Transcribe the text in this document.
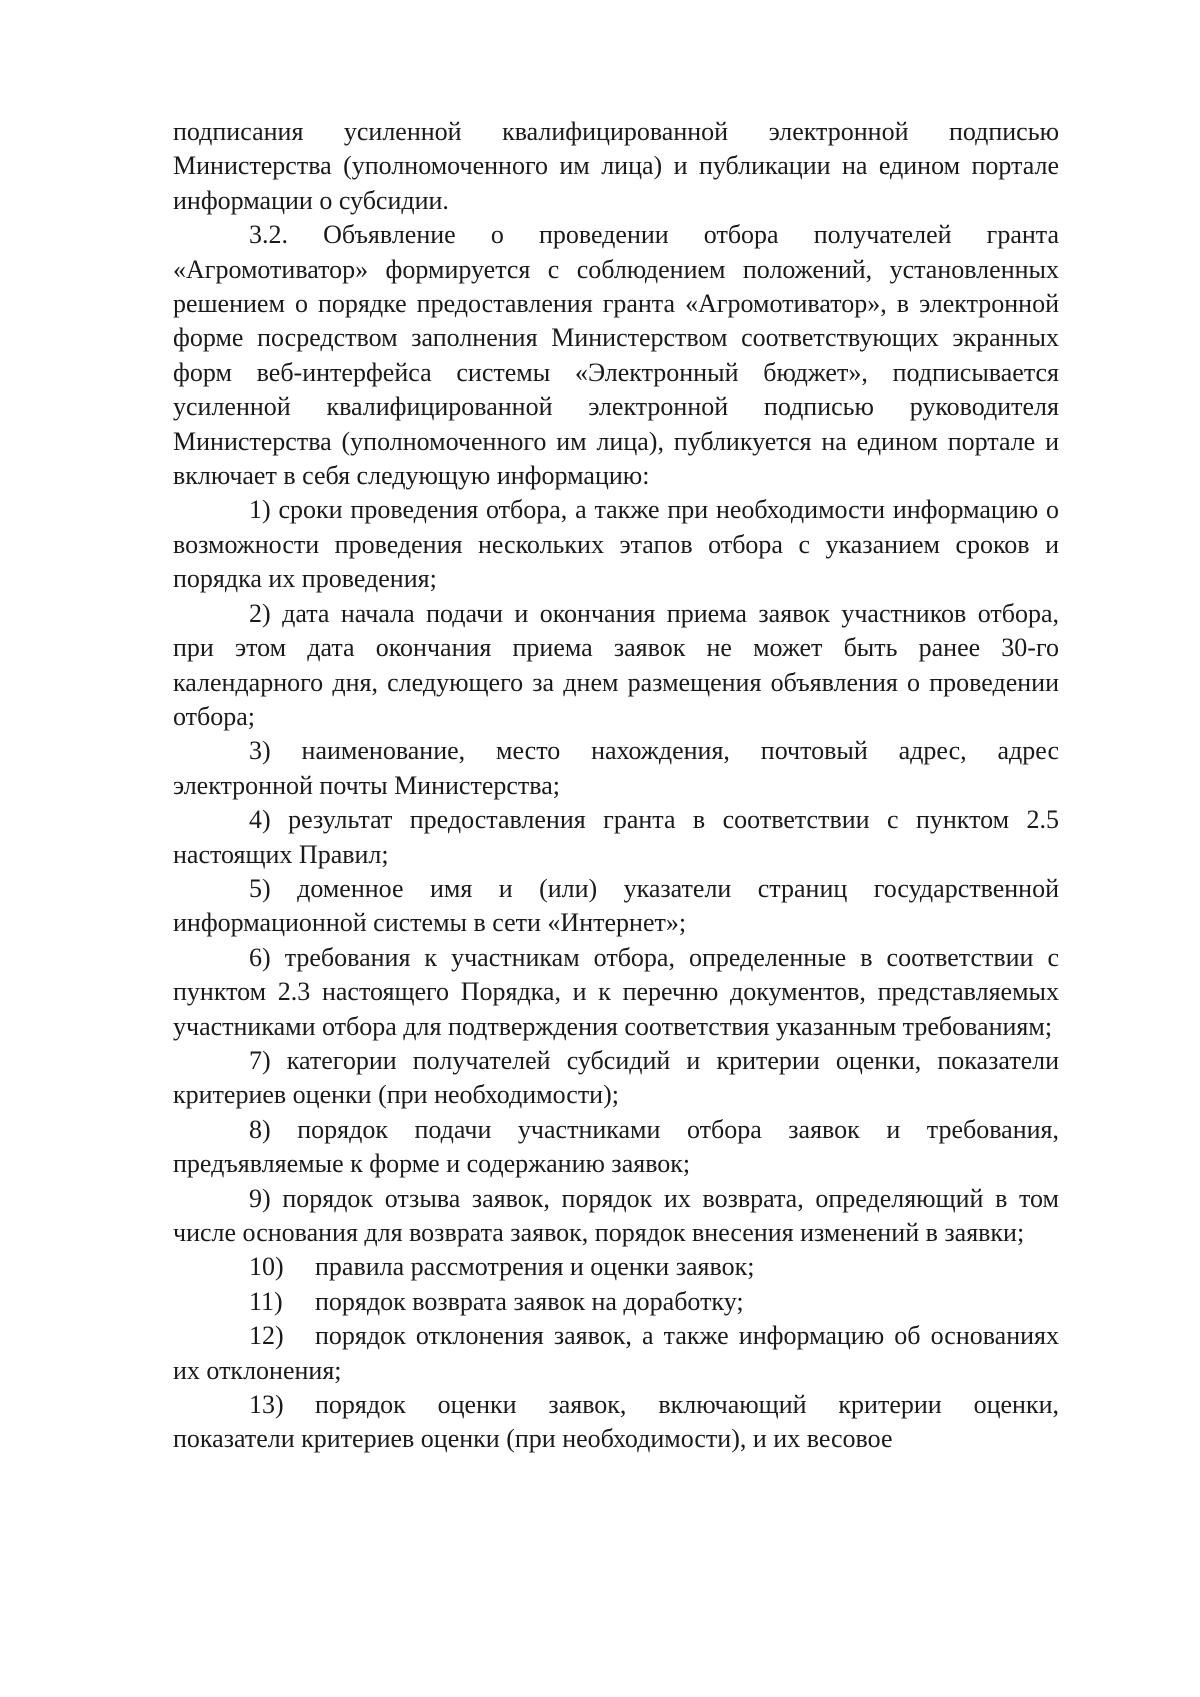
подписания усиленной квалифицированной электронной подписью Министерства (уполномоченного им лица) и публикации на едином портале информации о субсидии.

3.2. Объявление о проведении отбора получателей гранта «Агромотиватор» формируется с соблюдением положений, установленных решением о порядке предоставления гранта «Агромотиватор», в электронной форме посредством заполнения Министерством соответствующих экранных форм веб-интерфейса системы «Электронный бюджет», подписывается усиленной квалифицированной электронной подписью руководителя Министерства (уполномоченного им лица), публикуется на едином портале и включает в себя следующую информацию:

1) сроки проведения отбора, а также при необходимости информацию о возможности проведения нескольких этапов отбора с указанием сроков и порядка их проведения;

2) дата начала подачи и окончания приема заявок участников отбора, при этом дата окончания приема заявок не может быть ранее 30-го календарного дня, следующего за днем размещения объявления о проведении отбора;

3) наименование, место нахождения, почтовый адрес, адрес электронной почты Министерства;

4) результат предоставления гранта в соответствии с пунктом 2.5 настоящих Правил;

5) доменное имя и (или) указатели страниц государственной информационной системы в сети «Интернет»;

6) требования к участникам отбора, определенные в соответствии с пунктом 2.3 настоящего Порядка, и к перечню документов, представляемых участниками отбора для подтверждения соответствия указанным требованиям;

7) категории получателей субсидий и критерии оценки, показатели критериев оценки (при необходимости);

8) порядок подачи участниками отбора заявок и требования, предъявляемые к форме и содержанию заявок;

9) порядок отзыва заявок, порядок их возврата, определяющий в том числе основания для возврата заявок, порядок внесения изменений в заявки;

10) правила рассмотрения и оценки заявок;

11) порядок возврата заявок на доработку;

12) порядок отклонения заявок, а также информацию об основаниях их отклонения;

13) порядок оценки заявок, включающий критерии оценки, показатели критериев оценки (при необходимости), и их весовое
